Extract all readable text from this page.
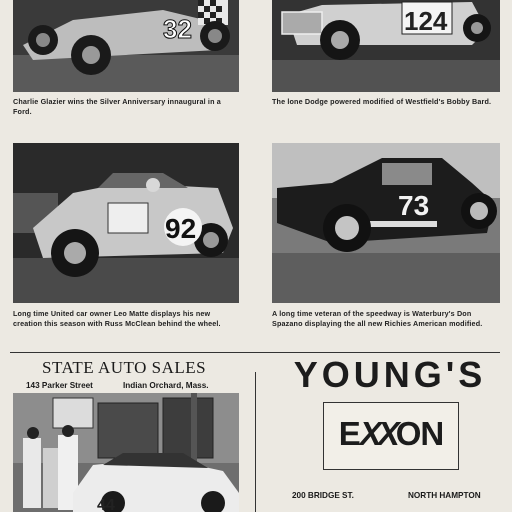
32
Charlie Glazier wins the Silver Anniversary innaugural in a Ford.
124
The lone Dodge powered modified of Westfield's Bobby Bard.
92
Long time United car owner Leo Matte displays his new creation this season with Russ McClean behind the wheel.
73
A long time veteran of the speedway is Waterbury's Don Spazano displaying the all new Richies American modified.
STATE AUTO SALES
143 Parker Street	Indian Orchard, Mass.
44
YOUNG'S
EXXON
200 BRIDGE ST.	NORTH HAMPTON
